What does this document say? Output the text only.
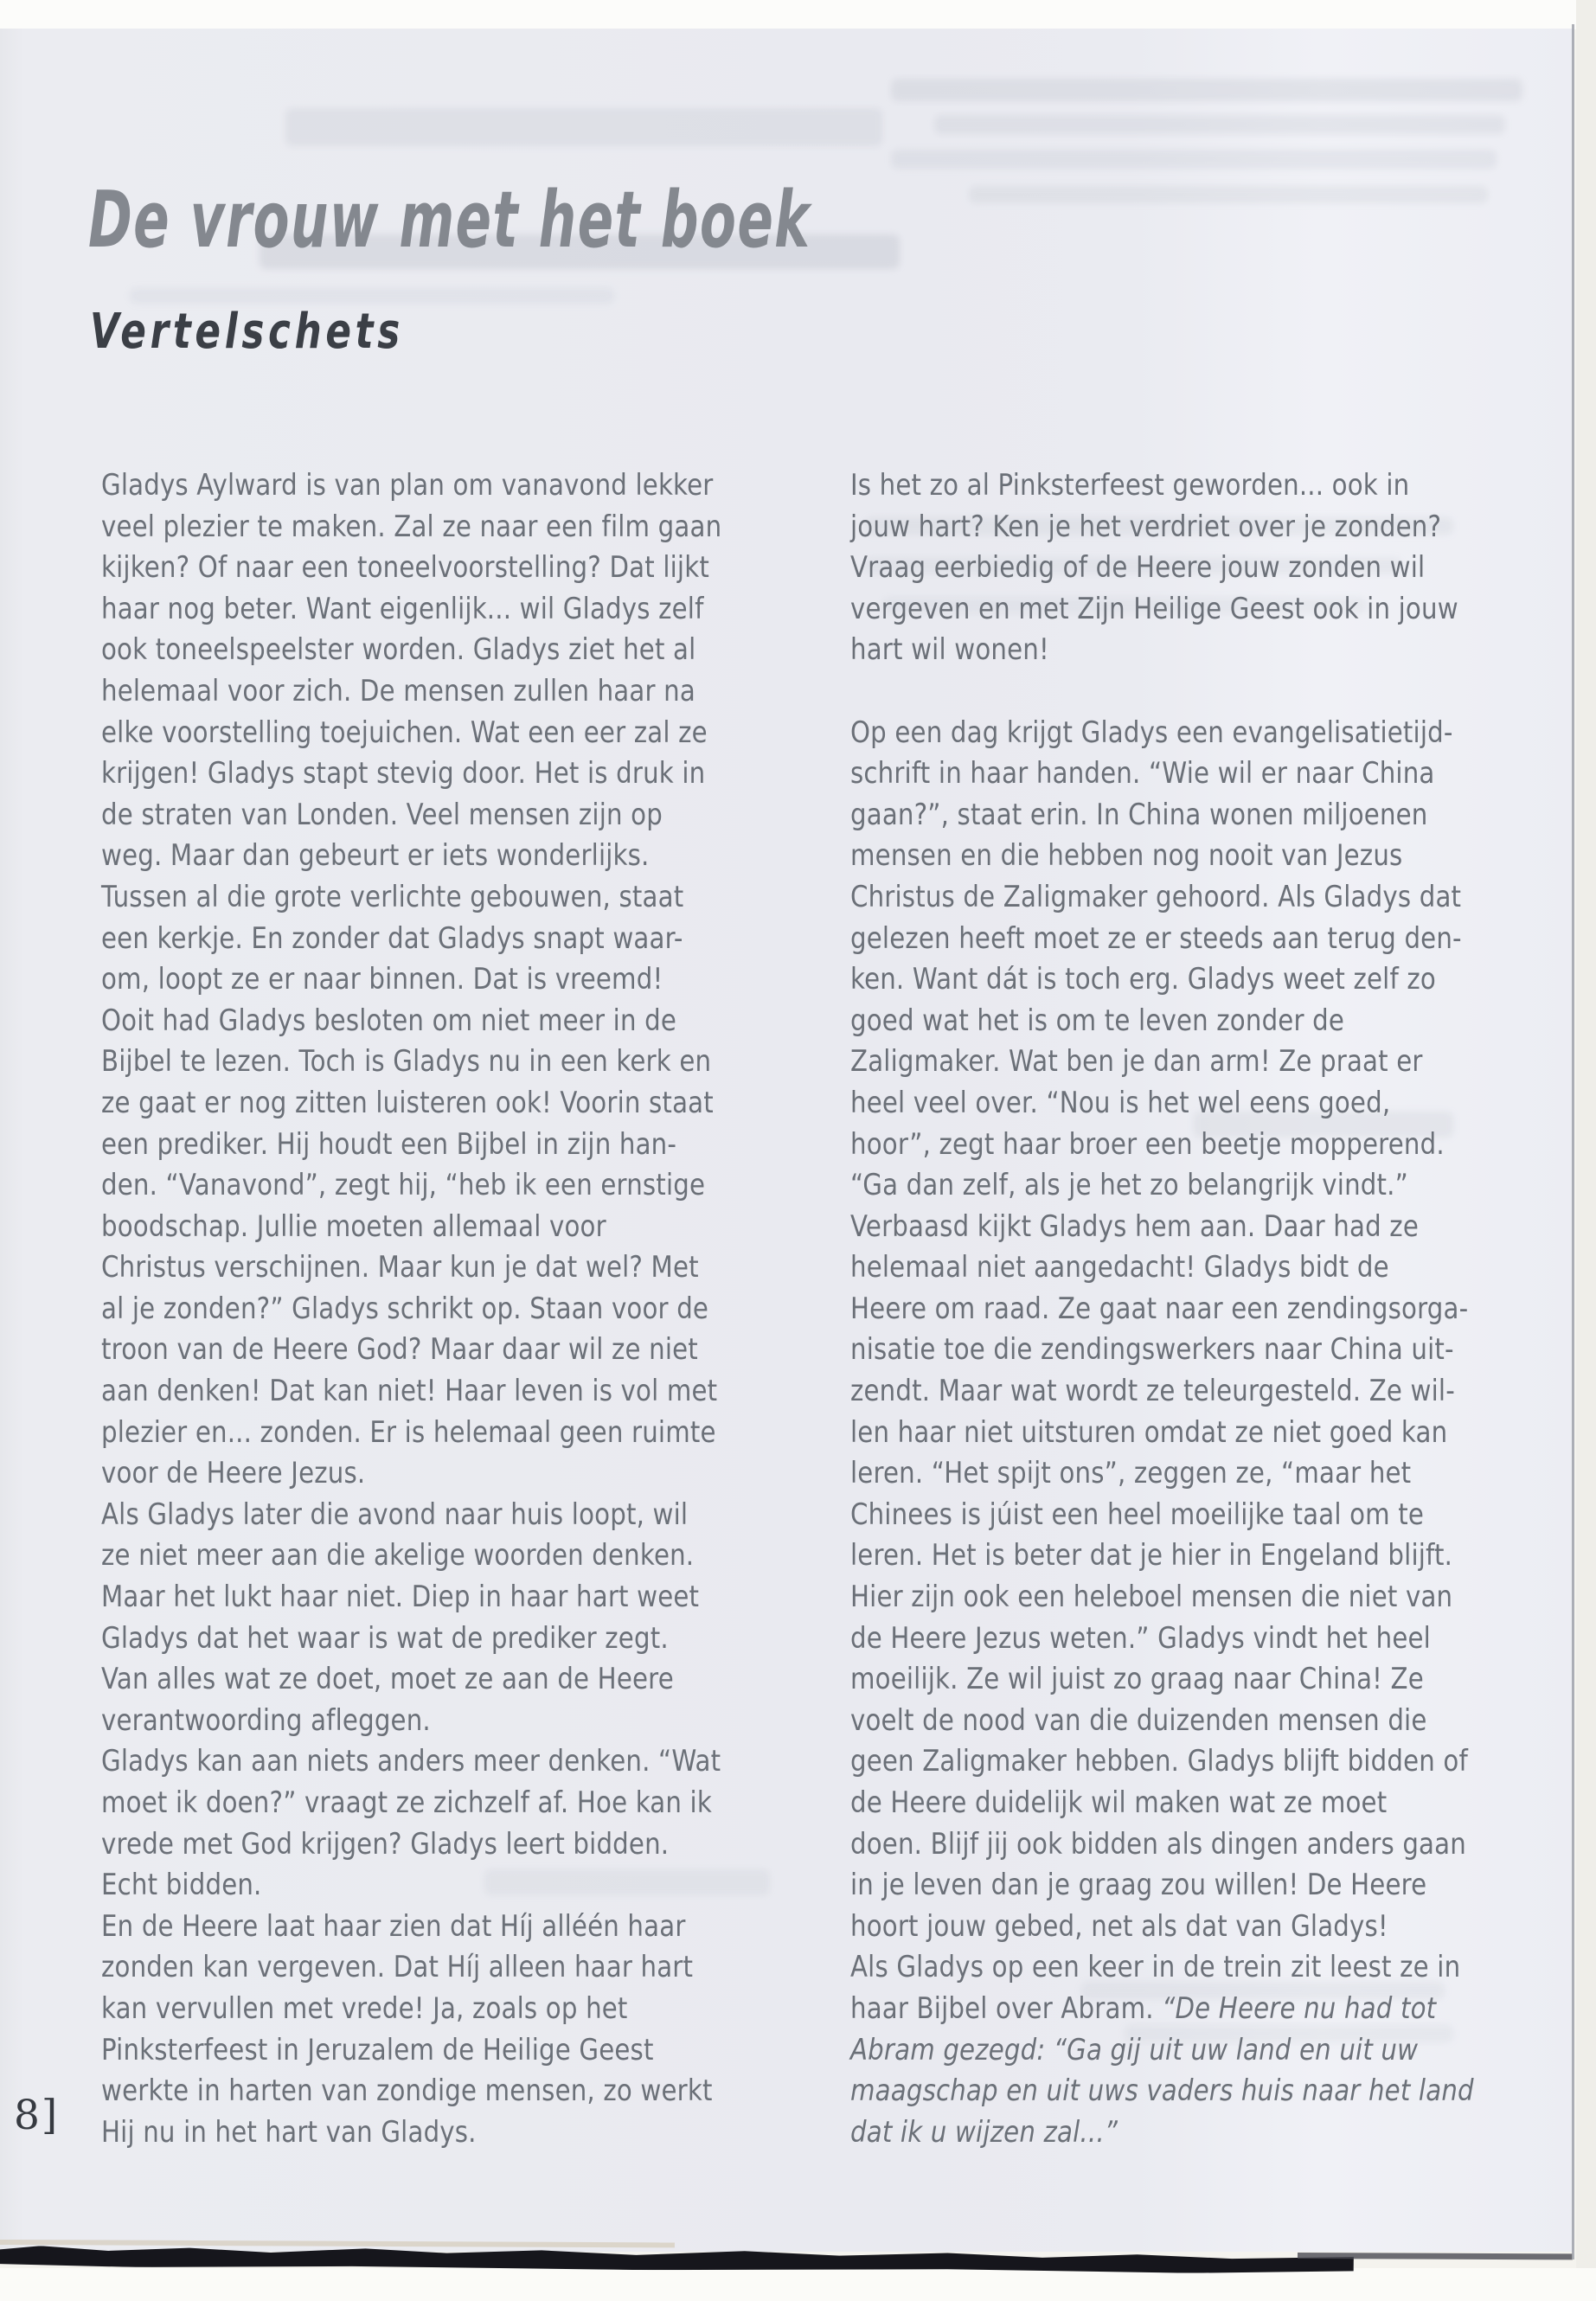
De vrouw met het boek
Vertelschets
Gladys Aylward is van plan om vanavond lekker
veel plezier te maken. Zal ze naar een film gaan
kijken? Of naar een toneelvoorstelling? Dat lijkt
haar nog beter. Want eigenlijk... wil Gladys zelf
ook toneelspeelster worden. Gladys ziet het al
helemaal voor zich. De mensen zullen haar na
elke voorstelling toejuichen. Wat een eer zal ze
krijgen! Gladys stapt stevig door. Het is druk in
de straten van Londen. Veel mensen zijn op
weg. Maar dan gebeurt er iets wonderlijks.
Tussen al die grote verlichte gebouwen, staat
een kerkje. En zonder dat Gladys snapt waar-
om, loopt ze er naar binnen. Dat is vreemd!
Ooit had Gladys besloten om niet meer in de
Bijbel te lezen. Toch is Gladys nu in een kerk en
ze gaat er nog zitten luisteren ook! Voorin staat
een prediker. Hij houdt een Bijbel in zijn han-
den. “Vanavond”, zegt hij, “heb ik een ernstige
boodschap. Jullie moeten allemaal voor
Christus verschijnen. Maar kun je dat wel? Met
al je zonden?” Gladys schrikt op. Staan voor de
troon van de Heere God? Maar daar wil ze niet
aan denken! Dat kan niet! Haar leven is vol met
plezier en... zonden. Er is helemaal geen ruimte
voor de Heere Jezus.
Als Gladys later die avond naar huis loopt, wil
ze niet meer aan die akelige woorden denken.
Maar het lukt haar niet. Diep in haar hart weet
Gladys dat het waar is wat de prediker zegt.
Van alles wat ze doet, moet ze aan de Heere
verantwoording afleggen.
Gladys kan aan niets anders meer denken. “Wat
moet ik doen?” vraagt ze zichzelf af. Hoe kan ik
vrede met God krijgen? Gladys leert bidden.
Echt bidden.
En de Heere laat haar zien dat Híj alléén haar
zonden kan vergeven. Dat Híj alleen haar hart
kan vervullen met vrede! Ja, zoals op het
Pinksterfeest in Jeruzalem de Heilige Geest
werkte in harten van zondige mensen, zo werkt
Hij nu in het hart van Gladys.
Is het zo al Pinksterfeest geworden... ook in
jouw hart? Ken je het verdriet over je zonden?
Vraag eerbiedig of de Heere jouw zonden wil
vergeven en met Zijn Heilige Geest ook in jouw
hart wil wonen!

Op een dag krijgt Gladys een evangelisatietijd-
schrift in haar handen. “Wie wil er naar China
gaan?”, staat erin. In China wonen miljoenen
mensen en die hebben nog nooit van Jezus
Christus de Zaligmaker gehoord. Als Gladys dat
gelezen heeft moet ze er steeds aan terug den-
ken. Want dát is toch erg. Gladys weet zelf zo
goed wat het is om te leven zonder de
Zaligmaker. Wat ben je dan arm! Ze praat er
heel veel over. “Nou is het wel eens goed,
hoor”, zegt haar broer een beetje mopperend.
“Ga dan zelf, als je het zo belangrijk vindt.”
Verbaasd kijkt Gladys hem aan. Daar had ze
helemaal niet aangedacht! Gladys bidt de
Heere om raad. Ze gaat naar een zendingsorga-
nisatie toe die zendingswerkers naar China uit-
zendt. Maar wat wordt ze teleurgesteld. Ze wil-
len haar niet uitsturen omdat ze niet goed kan
leren. “Het spijt ons”, zeggen ze, “maar het
Chinees is júist een heel moeilijke taal om te
leren. Het is beter dat je hier in Engeland blijft.
Hier zijn ook een heleboel mensen die niet van
de Heere Jezus weten.” Gladys vindt het heel
moeilijk. Ze wil juist zo graag naar China! Ze
voelt de nood van die duizenden mensen die
geen Zaligmaker hebben. Gladys blijft bidden of
de Heere duidelijk wil maken wat ze moet
doen. Blijf jij ook bidden als dingen anders gaan
in je leven dan je graag zou willen! De Heere
hoort jouw gebed, net als dat van Gladys!
Als Gladys op een keer in de trein zit leest ze in
haar Bijbel over Abram. “De Heere nu had tot
Abram gezegd: “Ga gij uit uw land en uit uw
maagschap en uit uws vaders huis naar het land
dat ik u wijzen zal...”
8]
